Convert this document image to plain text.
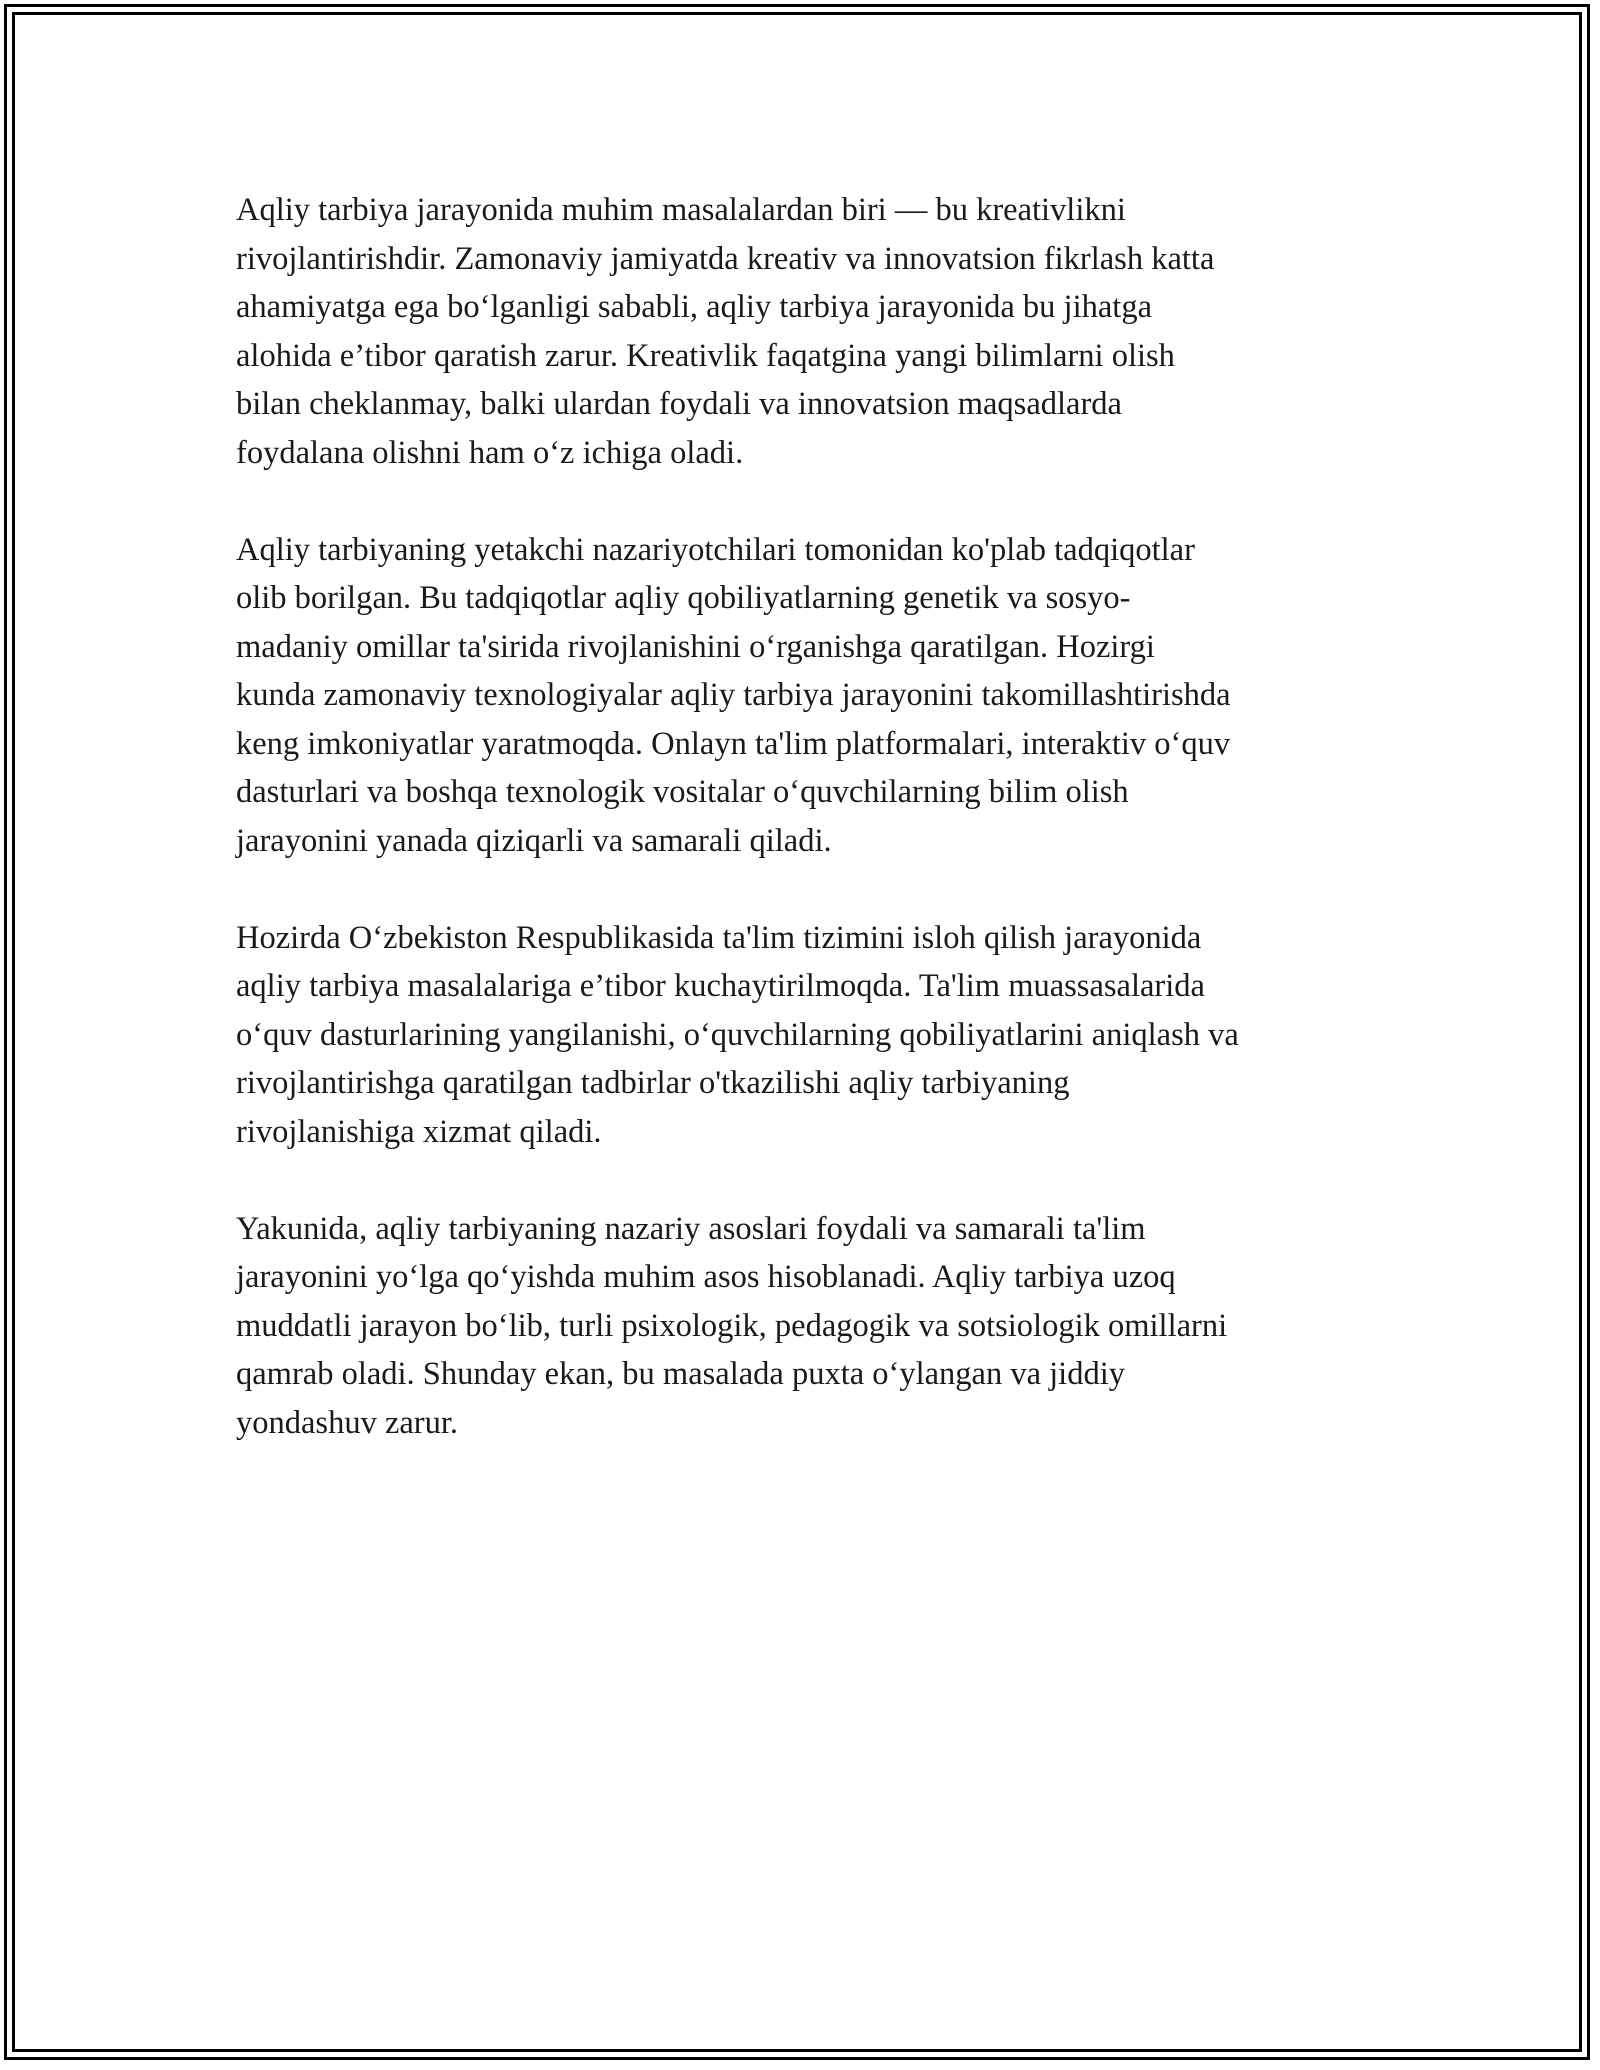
Aqliy tarbiya jarayonida muhim masalalardan biri — bu kreativlikni
rivojlantirishdir. Zamonaviy jamiyatda kreativ va innovatsion fikrlash katta
ahamiyatga ega boʻlganligi sababli, aqliy tarbiya jarayonida bu jihatga
alohida e’tibor qaratish zarur. Kreativlik faqatgina yangi bilimlarni olish
bilan cheklanmay, balki ulardan foydali va innovatsion maqsadlarda
foydalana olishni ham oʻz ichiga oladi.

Aqliy tarbiyaning yetakchi nazariyotchilari tomonidan ko'plab tadqiqotlar
olib borilgan. Bu tadqiqotlar aqliy qobiliyatlarning genetik va sosyo-
madaniy omillar ta'sirida rivojlanishini oʻrganishga qaratilgan. Hozirgi
kunda zamonaviy texnologiyalar aqliy tarbiya jarayonini takomillashtirishda
keng imkoniyatlar yaratmoqda. Onlayn ta'lim platformalari, interaktiv oʻquv
dasturlari va boshqa texnologik vositalar oʻquvchilarning bilim olish
jarayonini yanada qiziqarli va samarali qiladi.

Hozirda Oʻzbekiston Respublikasida ta'lim tizimini isloh qilish jarayonida
aqliy tarbiya masalalariga e’tibor kuchaytirilmoqda. Ta'lim muassasalarida
oʻquv dasturlarining yangilanishi, oʻquvchilarning qobiliyatlarini aniqlash va
rivojlantirishga qaratilgan tadbirlar o'tkazilishi aqliy tarbiyaning
rivojlanishiga xizmat qiladi.

Yakunida, aqliy tarbiyaning nazariy asoslari foydali va samarali ta'lim
jarayonini yoʻlga qoʻyishda muhim asos hisoblanadi. Aqliy tarbiya uzoq
muddatli jarayon boʻlib, turli psixologik, pedagogik va sotsiologik omillarni
qamrab oladi. Shunday ekan, bu masalada puxta oʻylangan va jiddiy
yondashuv zarur.
